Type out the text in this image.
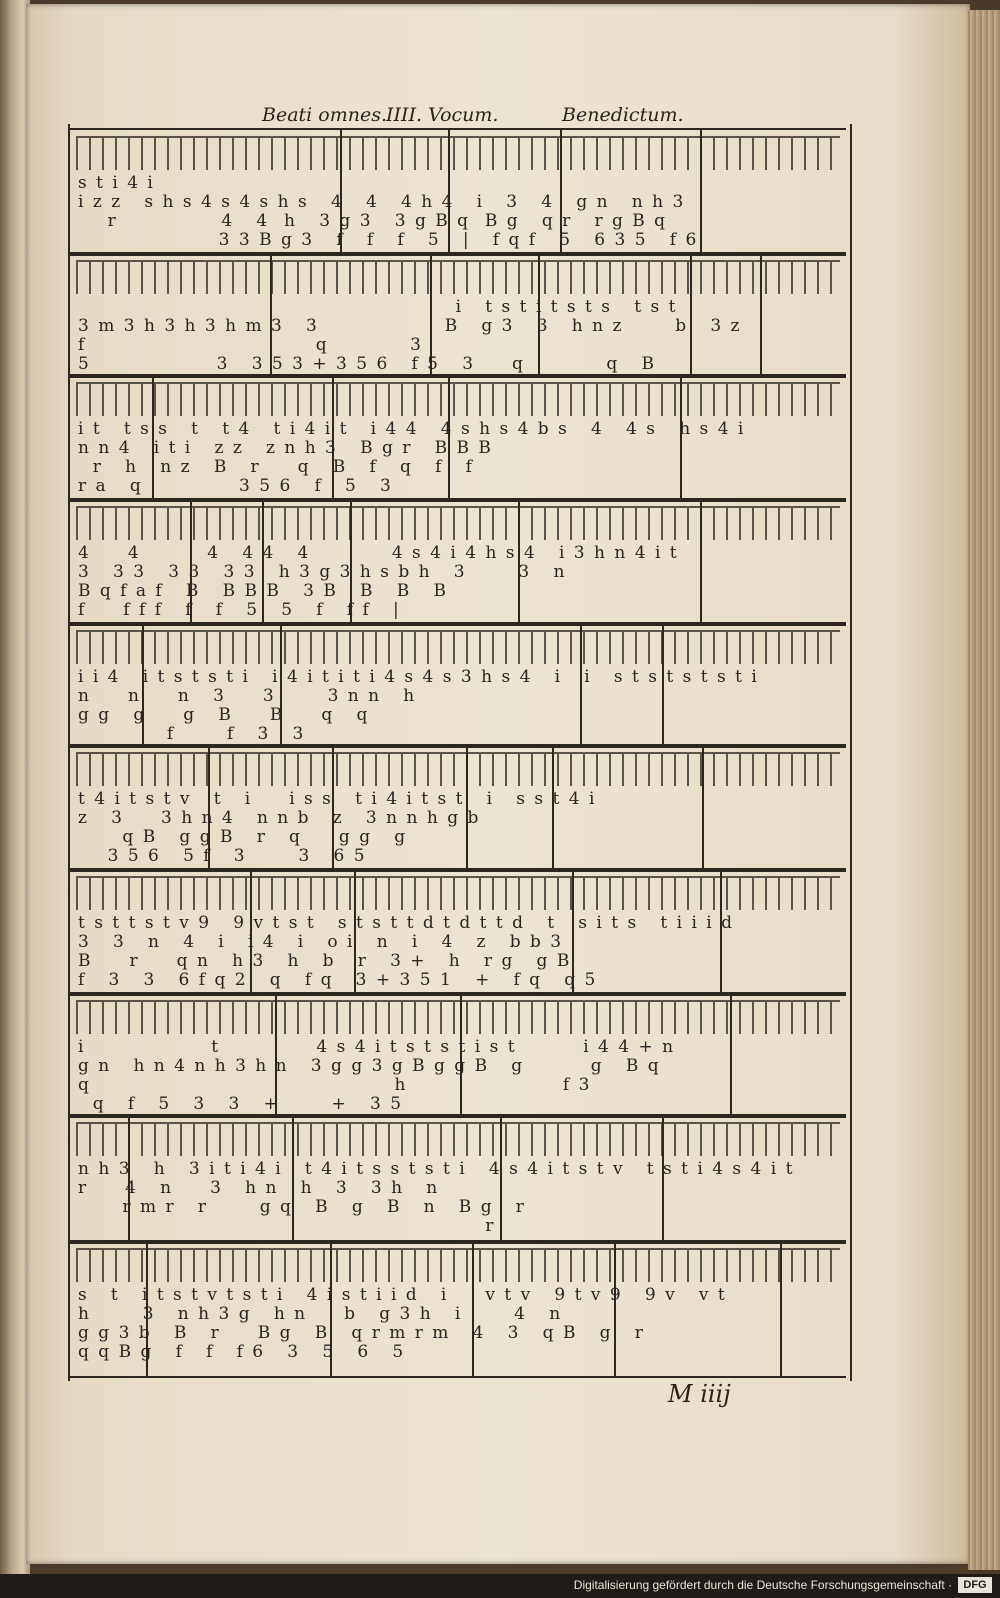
Beati omnes.
IIII. Vocum.	Benedictum.
s t i 4 i
i z z   s h s 4 s 4 s h s   4   4   4 h 4   i   3   4   g n   n h 3
r              4   4  h   3 g 3   3 g B q  B g   q r   r g B q
3 3 B g 3   f   f   f   5   |   f q f   5   6 3 5   f 6
i   t s t i t s t s   t s t
3 m 3 h 3 h 3 h m 3   3                 B   g 3   3   h n z       b   3 z
f                               q           3
5                 3   3 5 3 + 3 5 6   f 5   3     q           q   B
i t   t s s   t   t 4   t i 4 i t   i 4 4   4 s h s 4 b s   4   4 s   h s 4 i
n n 4   i t i   z z   z n h 3   B g r   B B B
r   h   n z   B   r     q   B   f   q   f   f
r a   q             3 5 6   f   5   3
4     4         4   4 4   4           4 s 4 i 4 h s 4   i 3 h n 4 i t
3   3 3   3 3   3 3   h 3 g 3 h s b h   3       3   n
B q f a f   B   B B B   3 B   B   B   B
f     f f f   f   f   5   5   f   f f   |
i i 4   i t s t s t i   i 4 i t i t i 4 s 4 s 3 h s 4   i   i   s t s t s t s t i
n     n     n   3     3       3 n n   h
g g   g     g   B     B     q   q
f       f   3   3
t 4 i t s t v   t   i     i s s   t i 4 i t s t   i   s s t 4 i
z   3     3 h n 4   n n b   z   3 n n h g b
q B   g g B   r   q     g g   g
3 5 6   5 f   3       3   6 5
t s t t s t v 9   9 v t s t   s t s t t d t d t t d   t   s i t s   t i i i d
3   3   n   4   i   i 4   i   o i   n   i   4   z   b b 3
B     r     q n   h 3   h   b   r   3 +   h   r g   g B
f   3   3   6 f q 2   q   f q   3 + 3 5 1   +   f q   q 5
i                 t             4 s 4 i t s t s t i s t         i 4 4 + n
g n   h n 4 n h 3 h n   3 g g 3 g B g g B   g         g   B q
q                                         h                     f 3
q   f   5   3   3   +       +   3 5
n h 3   h   3 i t i 4 i   t 4 i t s s t s t i   4 s 4 i t s t v   t s t i 4 s 4 i t
r     4   n     3   h n   h   3   3 h   n
r m r   r       g q   B   g   B   n   B g   r
r
s   t   i t s t v t s t i   4 i s t i i d   i     v t v   9 t v 9   9 v   v t
h       3   n h 3 g   h n     b   g 3 h   i       4   n
g g 3 b   B   r     B g   B   q r m r m   4   3   q B   g   r
q q B g   f   f   f 6   3   5   6   5
M iiij
Digitalisierung gefördert durch die Deutsche Forschungsgemeinschaft ·	DFG
